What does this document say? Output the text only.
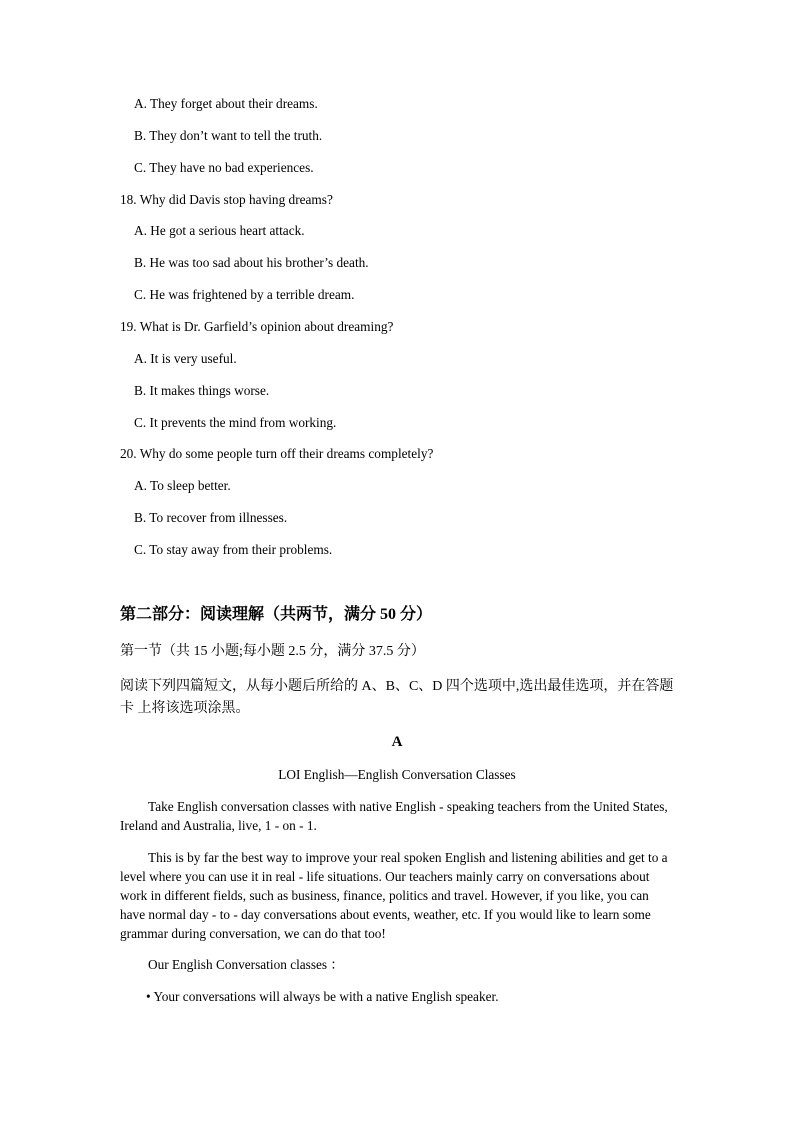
A. They forget about their dreams.

B. They don’t want to tell the truth.

C. They have no bad experiences.

18. Why did Davis stop having dreams?

A. He got a serious heart attack.

B. He was too sad about his brother’s death.

C. He was frightened by a terrible dream.

19. What is Dr. Garfield’s opinion about dreaming?

A. It is very useful.

B. It makes things worse.

C. It prevents the mind from working.

20. Why do some people turn off their dreams completely?

A. To sleep better.

B. To recover from illnesses.

C. To stay away from their problems.

第二部分：阅读理解（共两节，满分 50 分）
第一节（共 15 小题;每小题 2.5 分，满分 37.5 分）
阅读下列四篇短文，从每小题后所给的 A、B、C、D 四个选项中,选出最佳选项，并在答题
卡 上将该选项涂黑。
A
LOI English—English Conversation Classes

Take English conversation classes with native English - speaking teachers from the United States, Ireland and Australia, live, 1 - on - 1.

This is by far the best way to improve your real spoken English and listening abilities and get to a level where you can use it in real - life situations. Our teachers mainly carry on conversations about work in different fields, such as business, finance, politics and travel. However, if you like, you can have normal day - to - day conversations about events, weather, etc. If you would like to learn some grammar during conversation, we can do that too!

Our English Conversation classes ：

• Your conversations will always be with a native English speaker.
